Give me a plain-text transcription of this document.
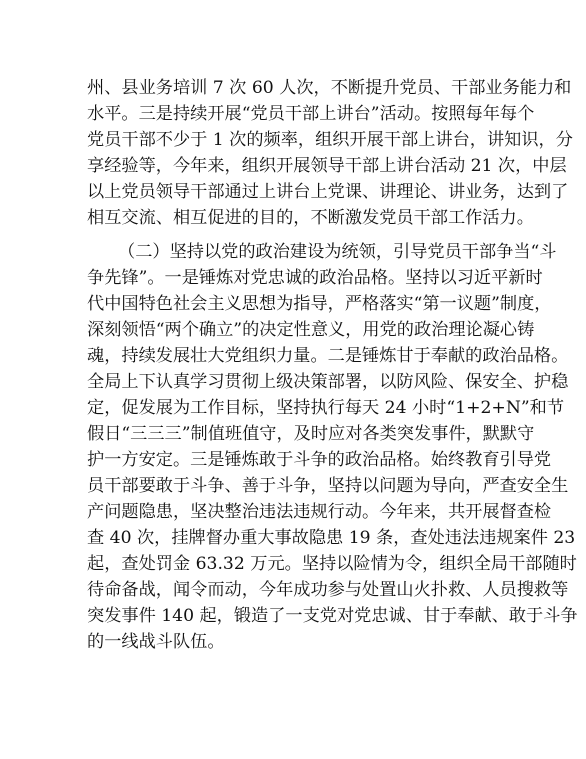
州、县业务培训 7 次 60 人次，不断提升党员、干部业务能力和
水平。三是持续开展“党员干部上讲台”活动。按照每年每个
党员干部不少于 1 次的频率，组织开展干部上讲台，讲知识，分
享经验等，今年来，组织开展领导干部上讲台活动 21 次，中层
以上党员领导干部通过上讲台上党课、讲理论、讲业务，达到了
相互交流、相互促进的目的，不断激发党员干部工作活力。
（二）坚持以党的政治建设为统领，引导党员干部争当“斗
争先锋”。一是锤炼对党忠诚的政治品格。坚持以习近平新时
代中国特色社会主义思想为指导，严格落实“第一议题”制度，
深刻领悟“两个确立”的决定性意义，用党的政治理论凝心铸
魂，持续发展壮大党组织力量。二是锤炼甘于奉献的政治品格。
全局上下认真学习贯彻上级决策部署，以防风险、保安全、护稳
定，促发展为工作目标，坚持执行每天 24 小时“1+2+N”和节
假日“三三三”制值班值守，及时应对各类突发事件，默默守
护一方安定。三是锤炼敢于斗争的政治品格。始终教育引导党
员干部要敢于斗争、善于斗争，坚持以问题为导向，严查安全生
产问题隐患，坚决整治违法违规行动。今年来，共开展督查检
查 40 次，挂牌督办重大事故隐患 19 条，查处违法违规案件 23
起，查处罚金 63.32 万元。坚持以险情为令，组织全局干部随时
待命备战，闻令而动，今年成功参与处置山火扑救、人员搜救等
突发事件 140 起，锻造了一支党对党忠诚、甘于奉献、敢于斗争
的一线战斗队伍。
